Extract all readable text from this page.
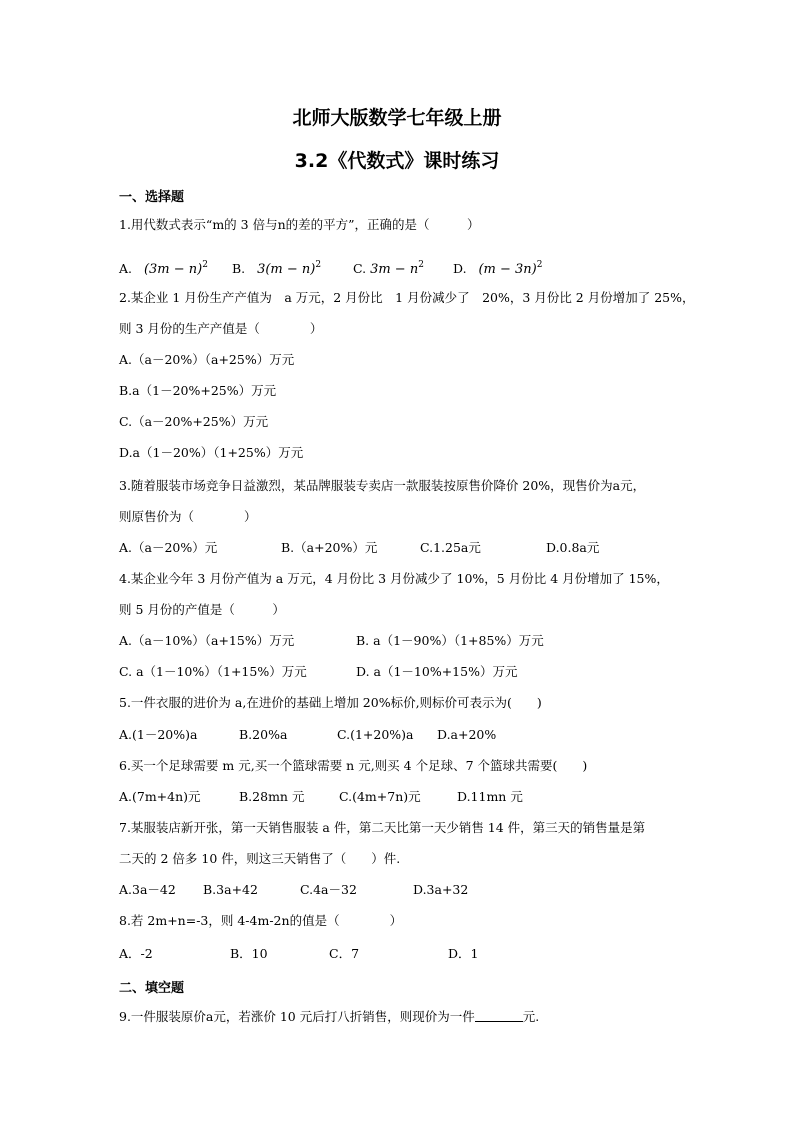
北师大版数学七年级上册
3.2《代数式》课时练习
一、选择题
1.用代数式表示“m的 3 倍与n的差的平方”，正确的是（　　　）
A. $(3m - n)^2$ B. $3(m - n)^2$	C. $3m - n^2$ D. $(m - 3n)^2$
2.某企业 1 月份生产产值为　a 万元，2 月份比　1 月份减少了　20%，3 月份比 2 月份增加了 25%，
则 3 月份的生产产值是（　　　　）
A.（a－20%）（a+25%）万元
B.a（1－20%+25%）万元
C.（a－20%+25%）万元
D.a（1－20%）（1+25%）万元
3.随着服装市场竞争日益激烈，某品牌服装专卖店一款服装按原售价降价 20%，现售价为a元，
则原售价为（　　　　）
A.（a－20%）元	B.（a+20%）元	C.1.25a元	D.0.8a元
4.某企业今年 3 月份产值为 a 万元，4 月份比 3 月份减少了 10%，5 月份比 4 月份增加了 15%，
则 5 月份的产值是（　　　）
A.（a－10%）（a+15%）万元	B. a（1－90%）（1+85%）万元
C. a（1－10%）（1+15%）万元	D. a（1－10%+15%）万元
5.一件衣服的进价为 a,在进价的基础上增加 20%标价,则标价可表示为(　　)
A.(1－20%)a	B.20%a	C.(1+20%)a D.a+20%
6.买一个足球需要 m 元,买一个篮球需要 n 元,则买 4 个足球、7 个篮球共需要(　　)
A.(7m+4n)元	B.28mn 元	C.(4m+7n)元	D.11mn 元
7.某服装店新开张，第一天销售服装 a 件，第二天比第一天少销售 14 件，第三天的销售量是第
二天的 2 倍多 10 件，则这三天销售了（　　）件.
A.3a－42 B.3a+42	C.4a－32	D.3a+32
8.若 2m+n=-3，则 4-4m-2n的值是（　　　　）
A．-2	B．10	C．7	D．1
二、填空题
9.一件服装原价a元，若涨价 10 元后打八折销售，则现价为一件	元.
